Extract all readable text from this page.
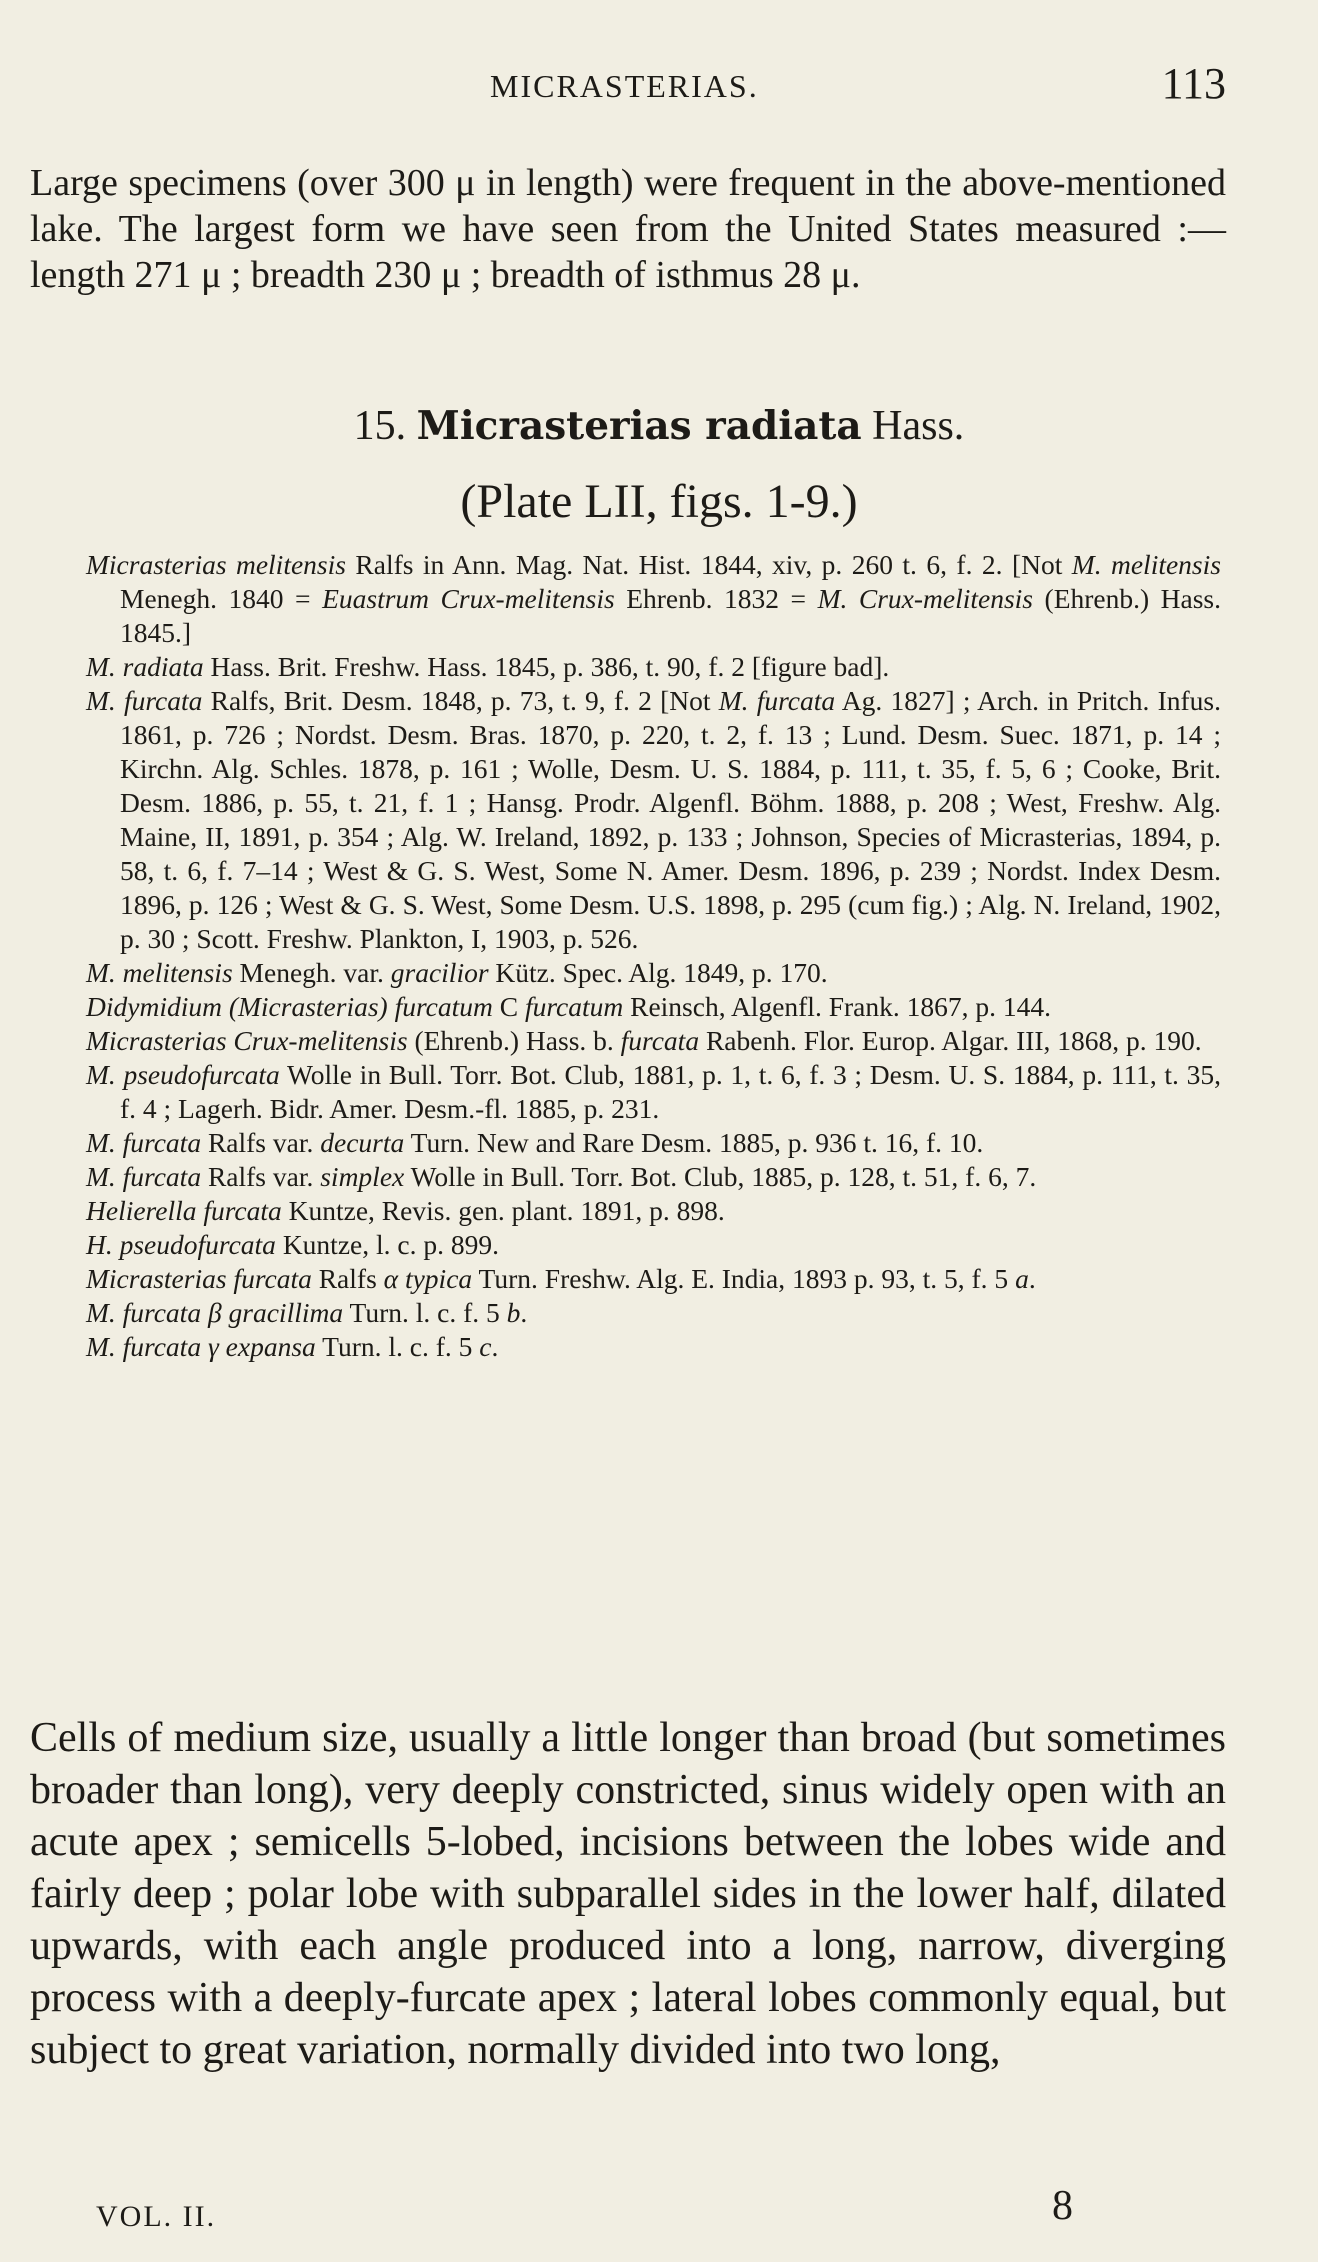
MICRASTERIAS.	113

Large specimens (over 300 μ in length) were frequent in the above-mentioned lake. The largest form we have seen from the United States measured :—length 271 μ ; breadth 230 μ ; breadth of isthmus 28 μ.

15. Micrasterias radiata Hass.
(Plate LII, figs. 1-9.)

Micrasterias melitensis Ralfs in Ann. Mag. Nat. Hist. 1844, xiv, p. 260 t. 6, f. 2. [Not M. melitensis Menegh. 1840 = Euastrum Crux-melitensis Ehrenb. 1832 = M. Crux-melitensis (Ehrenb.) Hass. 1845.]

M. radiata Hass. Brit. Freshw. Hass. 1845, p. 386, t. 90, f. 2 [figure bad].

M. furcata Ralfs, Brit. Desm. 1848, p. 73, t. 9, f. 2 [Not M. furcata Ag. 1827] ; Arch. in Pritch. Infus. 1861, p. 726 ; Nordst. Desm. Bras. 1870, p. 220, t. 2, f. 13 ; Lund. Desm. Suec. 1871, p. 14 ; Kirchn. Alg. Schles. 1878, p. 161 ; Wolle, Desm. U. S. 1884, p. 111, t. 35, f. 5, 6 ; Cooke, Brit. Desm. 1886, p. 55, t. 21, f. 1 ; Hansg. Prodr. Algenfl. Böhm. 1888, p. 208 ; West, Freshw. Alg. Maine, II, 1891, p. 354 ; Alg. W. Ireland, 1892, p. 133 ; Johnson, Species of Micrasterias, 1894, p. 58, t. 6, f. 7–14 ; West & G. S. West, Some N. Amer. Desm. 1896, p. 239 ; Nordst. Index Desm. 1896, p. 126 ; West & G. S. West, Some Desm. U.S. 1898, p. 295 (cum fig.) ; Alg. N. Ireland, 1902, p. 30 ; Scott. Freshw. Plankton, I, 1903, p. 526.

M. melitensis Menegh. var. gracilior Kütz. Spec. Alg. 1849, p. 170.

Didymidium (Micrasterias) furcatum C furcatum Reinsch, Algenfl. Frank. 1867, p. 144.

Micrasterias Crux-melitensis (Ehrenb.) Hass. b. furcata Rabenh. Flor. Europ. Algar. III, 1868, p. 190.

M. pseudofurcata Wolle in Bull. Torr. Bot. Club, 1881, p. 1, t. 6, f. 3 ; Desm. U. S. 1884, p. 111, t. 35, f. 4 ; Lagerh. Bidr. Amer. Desm.-fl. 1885, p. 231.

M. furcata Ralfs var. decurta Turn. New and Rare Desm. 1885, p. 936 t. 16, f. 10.

M. furcata Ralfs var. simplex Wolle in Bull. Torr. Bot. Club, 1885, p. 128, t. 51, f. 6, 7.

Helierella furcata Kuntze, Revis. gen. plant. 1891, p. 898.

H. pseudofurcata Kuntze, l. c. p. 899.

Micrasterias furcata Ralfs α typica Turn. Freshw. Alg. E. India, 1893 p. 93, t. 5, f. 5 a.

M. furcata β gracillima Turn. l. c. f. 5 b.

M. furcata γ expansa Turn. l. c. f. 5 c.

Cells of medium size, usually a little longer than broad (but sometimes broader than long), very deeply constricted, sinus widely open with an acute apex ; semicells 5-lobed, incisions between the lobes wide and fairly deep ; polar lobe with subparallel sides in the lower half, dilated upwards, with each angle produced into a long, narrow, diverging process with a deeply-furcate apex ; lateral lobes commonly equal, but subject to great variation, normally divided into two long,

VOL. II.	8
